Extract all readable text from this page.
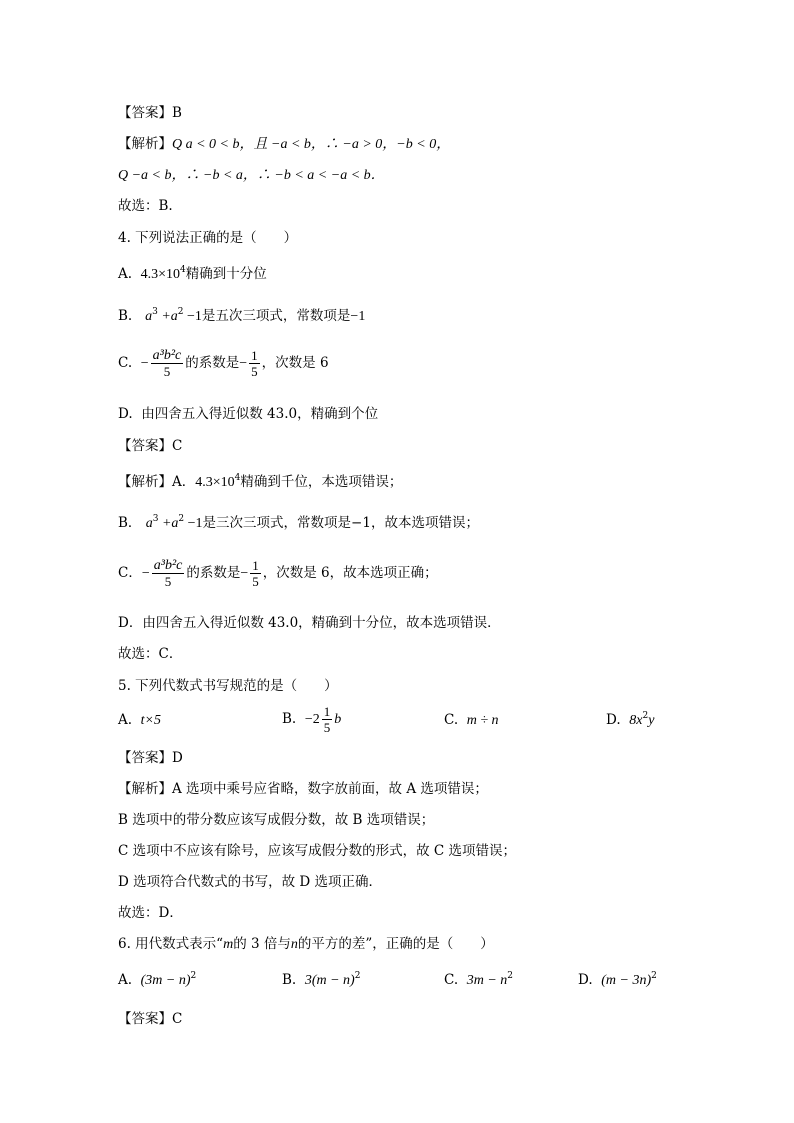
【答案】B
【解析】Q a < 0 < b，且 −a < b，∴ −a > 0，−b < 0，
Q −a < b，∴ −b < a，∴ −b < a < −a < b．
故选：B.
4. 下列说法正确的是（　　）
A. $4.3\times 10^4$精确到十分位
B. $a^3 +a^2 -1$是五次三项式，常数项是−1
C. − $\frac{\text{a³b²c}}{5}$ 的系数是− $\frac{1}{5}$ ，次数是 6
D. 由四舍五入得近似数 43.0，精确到个位
【答案】C
【解析】A．$4.3\times 10^4$精确到千位，本选项错误；
B． $a^3 +a^2 -1$是三次三项式，常数项是−1，故本选项错误；
C．− $\frac{\text{a³b²c}}{5}$ 的系数是− $\frac{1}{5}$ ，次数是 6，故本选项正确；
D．由四舍五入得近似数 43.0，精确到十分位，故本选项错误．
故选：C．
5. 下列代数式书写规范的是（　　）
A. t×5	B. $-2 \frac{1}{5}$ b	C. m ÷ n	D. $8x^2y$
【答案】D
【解析】A 选项中乘号应省略，数字放前面，故 A 选项错误；
B 选项中的带分数应该写成假分数，故 B 选项错误；
C 选项中不应该有除号，应该写成假分数的形式，故 C 选项错误；
D 选项符合代数式的书写，故 D 选项正确．
故选：D．
6. 用代数式表示“m的 3 倍与n的平方的差”，正确的是（　　）
A. $(3m - n)^2$	B. $3(m - n)^2$	C. $3m - n^2$	D. $(m - 3n)^2$
【答案】C
